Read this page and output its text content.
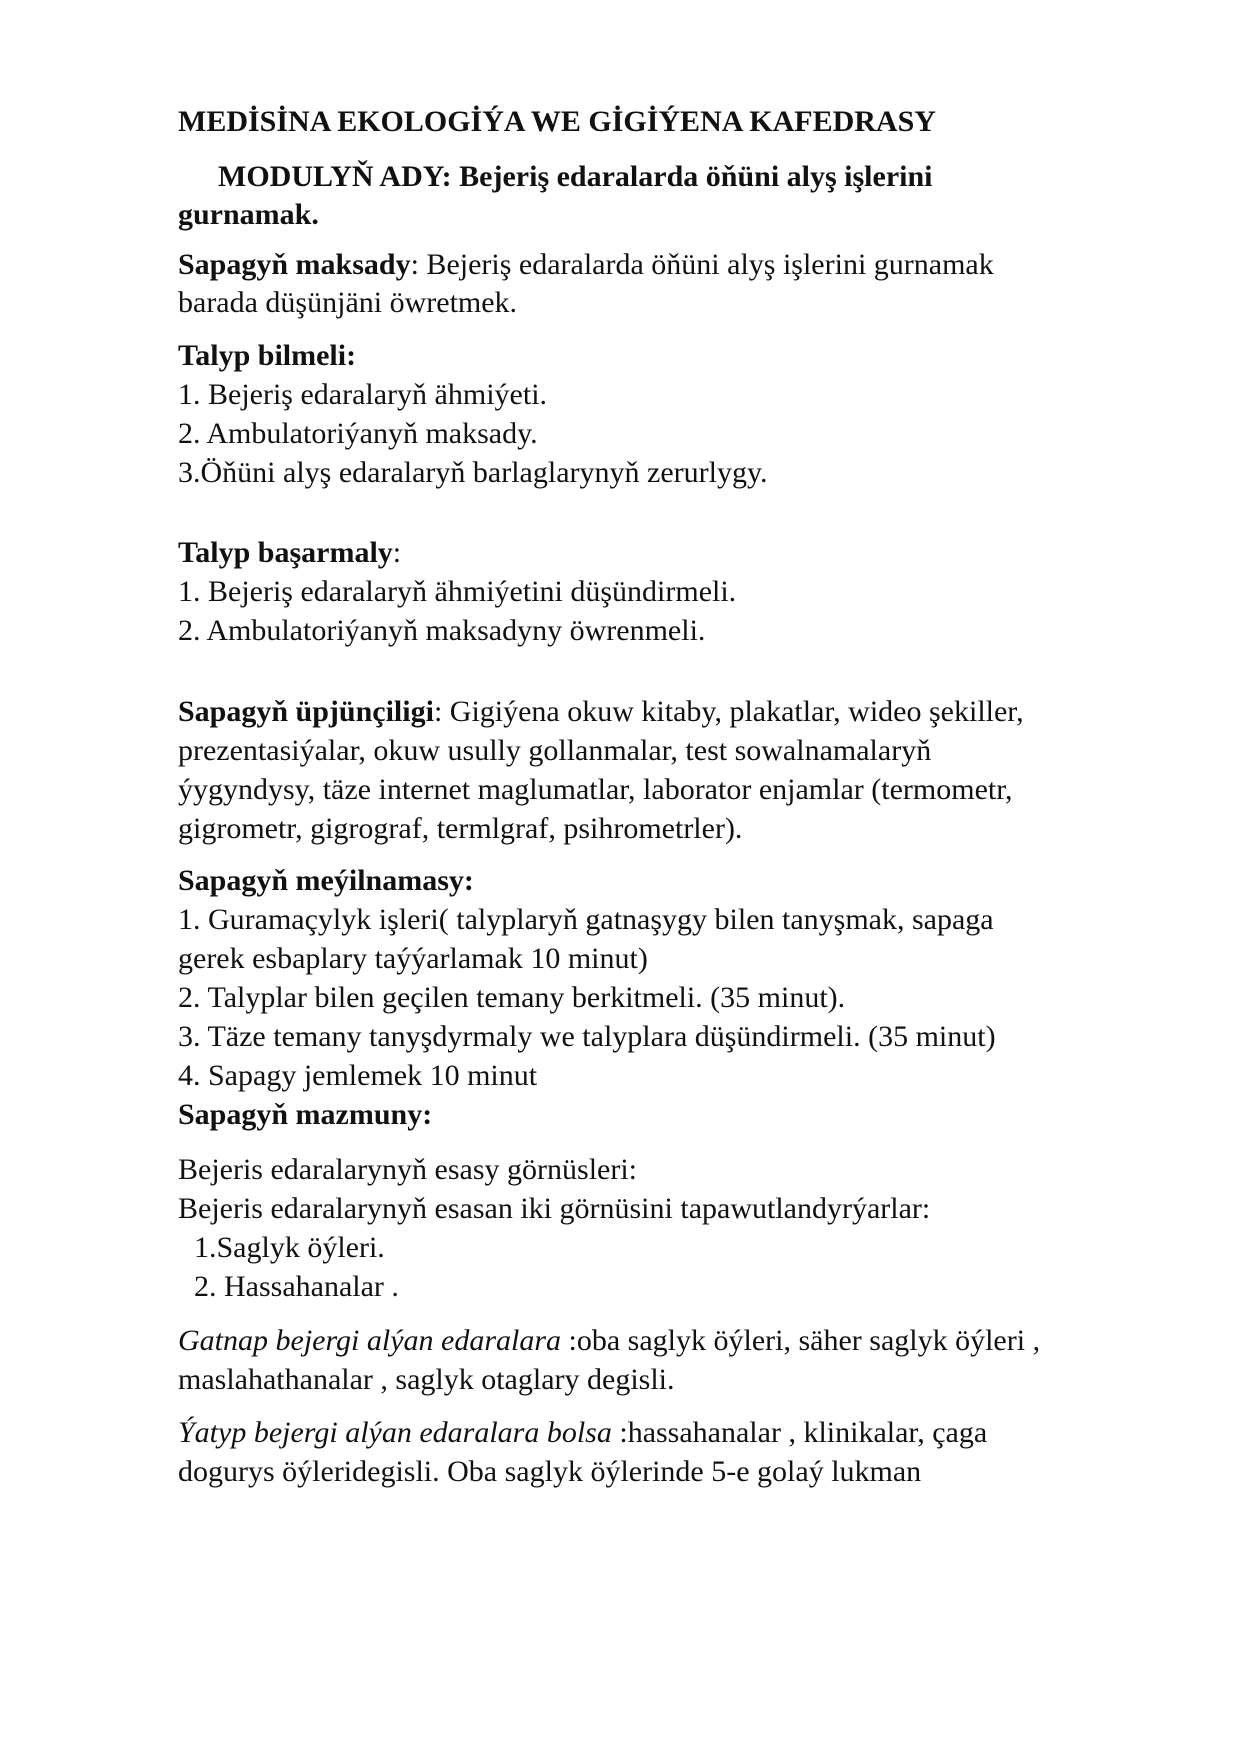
MEDİSİNA EKOLOGİÝA WE GİGİÝENA KAFEDRASY
MODULYŇ ADY: Bejeriş edaralarda öňüni alyş işlerini
gurnamak.
Sapagyň maksady: Bejeriş edaralarda öňüni alyş işlerini gurnamak
barada düşünjäni öwretmek.
Talyp bilmeli:
1. Bejeriş edaralaryň ähmiýeti.
2. Ambulatoriýanyň maksady.
3.Öňüni alyş edaralaryň barlaglarynyň zerurlygy.
Talyp başarmaly:
1. Bejeriş edaralaryň ähmiýetini düşündirmeli.
2. Ambulatoriýanyň maksadyny öwrenmeli.
Sapagyň üpjünçiligi: Gigiýena okuw kitaby, plakatlar, wideo şekiller,
prezentasiýalar, okuw usully gollanmalar, test sowalnamalaryň
ýygyndysy, täze internet maglumatlar, laborator enjamlar (termometr,
gigrometr, gigrograf, termlgraf, psihrometrler).
Sapagyň meýilnamasy:
1. Guramaçylyk işleri( talyplaryň gatnaşygy bilen tanyşmak, sapaga
gerek esbaplary taýýarlamak 10 minut)
2. Talyplar bilen geçilen temany berkitmeli. (35 minut).
3. Täze temany tanyşdyrmaly we talyplara düşündirmeli. (35 minut)
4. Sapagy jemlemek 10 minut
Sapagyň mazmuny:
Bejeris edaralarynyň esasy görnüsleri:
Bejeris edaralarynyň esasan iki görnüsini tapawutlandyrýarlar:
1.Saglyk öýleri.
2. Hassahanalar .
Gatnap bejergi alýan edaralara :oba saglyk öýleri, säher saglyk öýleri ,
maslahathanalar , saglyk otaglary degisli.
Ýatyp bejergi alýan edaralara bolsa :hassahanalar , klinikalar, çaga
dogurys öýleridegisli. Oba saglyk öýlerinde 5-e golaý lukman
